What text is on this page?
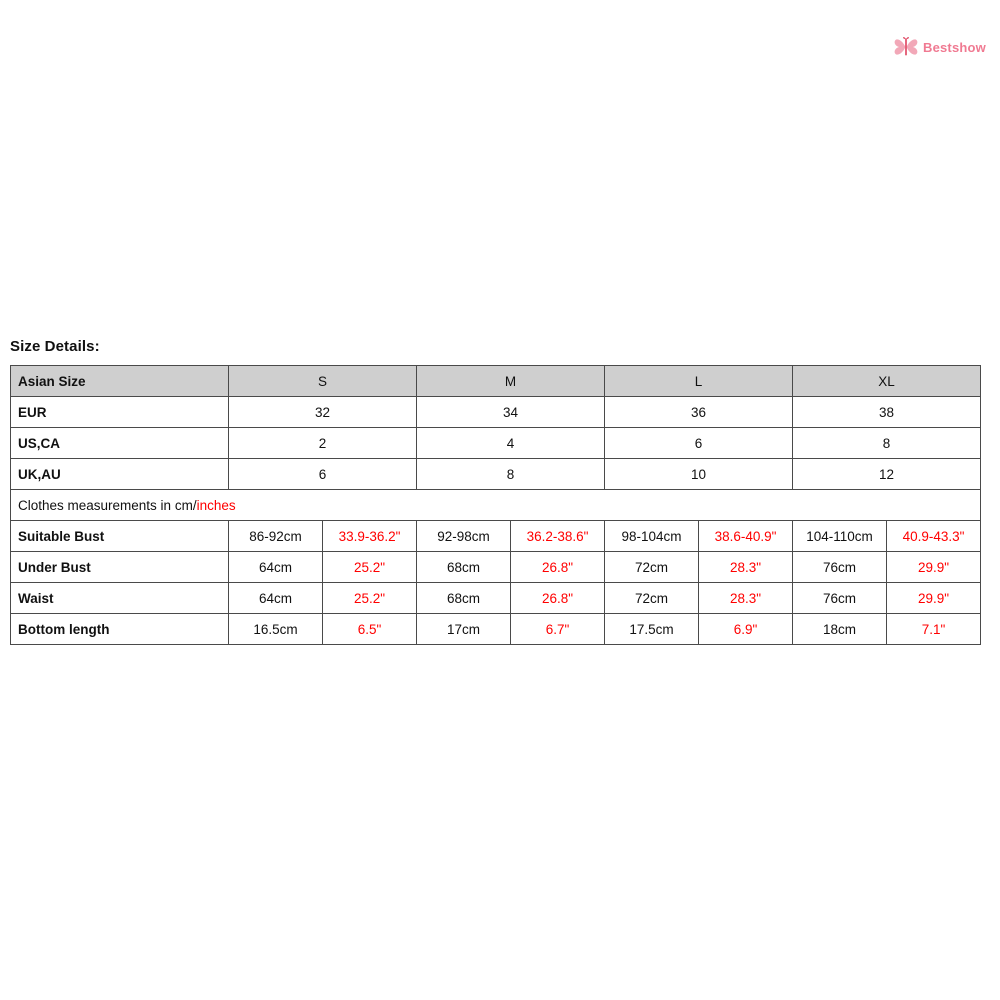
Bestshow
Size Details:
Asian Size	S	M	L	XL
EUR	32	34	36	38
US,CA	2	4	6	8
UK,AU	6	8	10	12
Clothes measurements in cm/inches				
Suitable Bust	86-92cm	33.9-36.2"	92-98cm	36.2-38.6"	98-104cm	38.6-40.9"	104-110cm	40.9-43.3"
Under Bust	64cm	25.2"	68cm	26.8"	72cm	28.3"	76cm	29.9"
Waist	64cm	25.2"	68cm	26.8"	72cm	28.3"	76cm	29.9"
Bottom length	16.5cm	6.5"	17cm	6.7"	17.5cm	6.9"	18cm	7.1"
